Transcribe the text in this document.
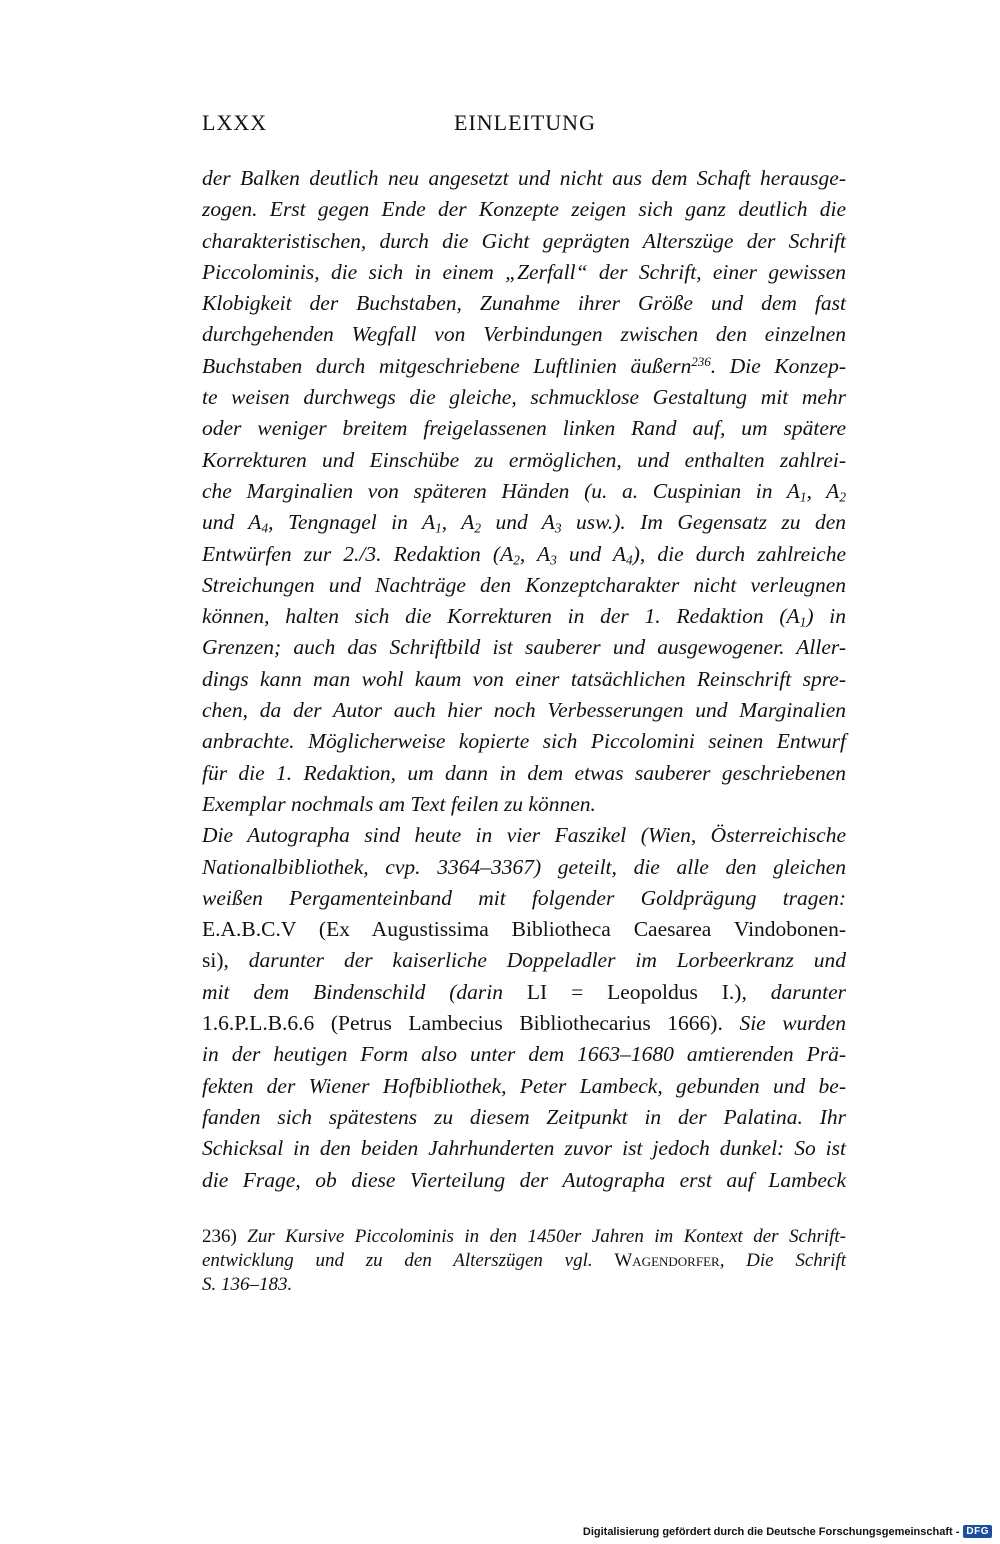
LXXX	EINLEITUNG
der Balken deutlich neu angesetzt und nicht aus dem Schaft herausge-
zogen. Erst gegen Ende der Konzepte zeigen sich ganz deutlich die
charakteristischen, durch die Gicht geprägten Alterszüge der Schrift
Piccolominis, die sich in einem „Zerfall“ der Schrift, einer gewissen
Klobigkeit der Buchstaben, Zunahme ihrer Größe und dem fast
durchgehenden Wegfall von Verbindungen zwischen den einzelnen
Buchstaben durch mitgeschriebene Luftlinien äußern$^{236}$. Die Konzep-
te weisen durchwegs die gleiche, schmucklose Gestaltung mit mehr
oder weniger breitem freigelassenen linken Rand auf, um spätere
Korrekturen und Einschübe zu ermöglichen, und enthalten zahlrei-
che Marginalien von späteren Händen (u. a. Cuspinian in $A_1$, $A_2$
und $A_4$, Tengnagel in $A_1$, $A_2$ und $A_3$ usw.). Im Gegensatz zu den
Entwürfen zur 2./3. Redaktion ($A_2$, $A_3$ und $A_4$), die durch zahlreiche
Streichungen und Nachträge den Konzeptcharakter nicht verleugnen
können, halten sich die Korrekturen in der 1. Redaktion $(A_1)$ in
Grenzen; auch das Schriftbild ist sauberer und ausgewogener. Aller-
dings kann man wohl kaum von einer tatsächlichen Reinschrift spre-
chen, da der Autor auch hier noch Verbesserungen und Marginalien
anbrachte. Möglicherweise kopierte sich Piccolomini seinen Entwurf
für die 1. Redaktion, um dann in dem etwas sauberer geschriebenen
Exemplar nochmals am Text feilen zu können.
Die Autographa sind heute in vier Faszikel (Wien, Österreichische
Nationalbibliothek, cvp. 3364–3367) geteilt, die alle den gleichen
weißen Pergamenteinband mit folgender Goldprägung tragen:
E.A.B.C.V (Ex Augustissima Bibliotheca Caesarea Vindobonen-
si), darunter der kaiserliche Doppeladler im Lorbeerkranz und
mit dem Bindenschild (darin LI = Leopoldus I.), darunter
1.6.P.L.B.6.6 (Petrus Lambecius Bibliothecarius 1666). Sie wurden
in der heutigen Form also unter dem 1663–1680 amtierenden Prä-
fekten der Wiener Hofbibliothek, Peter Lambeck, gebunden und be-
fanden sich spätestens zu diesem Zeitpunkt in der Palatina. Ihr
Schicksal in den beiden Jahrhunderten zuvor ist jedoch dunkel: So ist
die Frage, ob diese Vierteilung der Autographa erst auf Lambeck
236) Zur Kursive Piccolominis in den 1450er Jahren im Kontext der Schrift-
entwicklung und zu den Alterszügen vgl. Wagendorfer, Die Schrift
S. 136–183.
Digitalisierung gefördert durch die Deutsche Forschungsgemeinschaft - DFG
